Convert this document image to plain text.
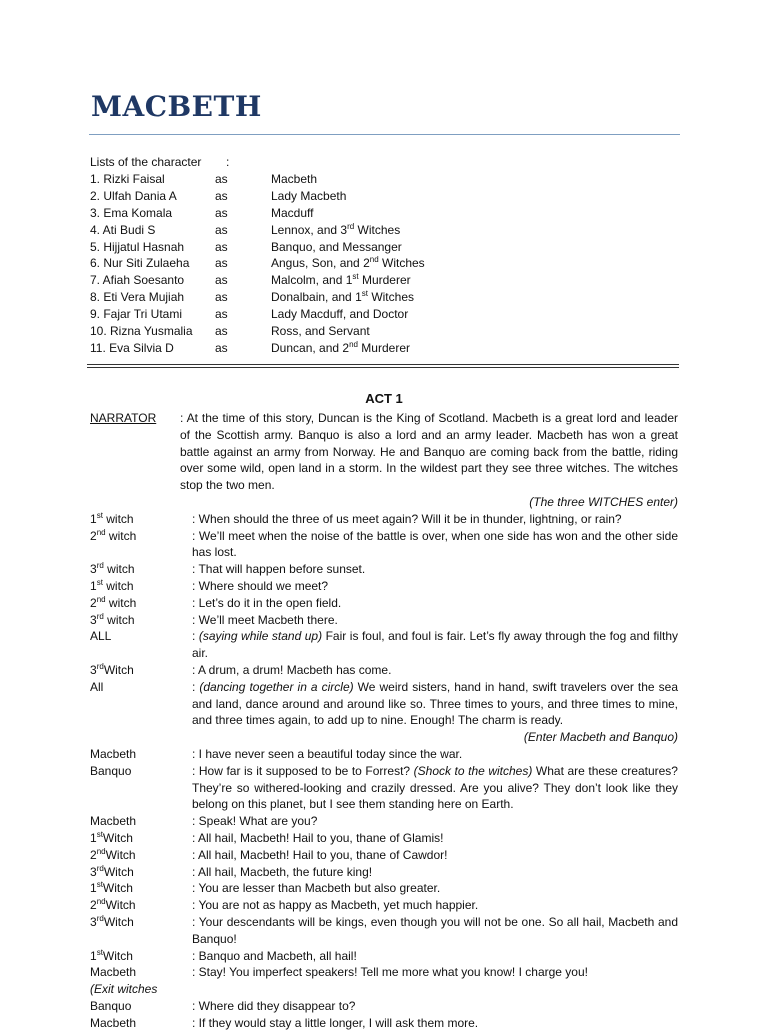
MACBETH
Lists of the character :
1. Rizki Faisal	as	Macbeth
2. Ulfah Dania A	as	Lady Macbeth
3. Ema Komala	as	Macduff
4. Ati Budi S	as	Lennox, and 3rd Witches
5. Hijjatul Hasnah	as	Banquo, and Messanger
6. Nur Siti Zulaeha as	Angus, Son, and 2nd Witches
7. Afiah Soesanto	as	Malcolm, and 1st Murderer
8. Eti Vera Mujiah	as	Donalbain, and 1st Witches
9. Fajar Tri Utami	as	Lady Macduff, and Doctor
10. Rizna Yusmalia as	Ross, and Servant
11. Eva Silvia D	as	Duncan, and 2nd Murderer
ACT 1
NARRATOR : At the time of this story, Duncan is the King of Scotland. Macbeth is a great lord and leader of the Scottish army. Banquo is also a lord and an army leader. Macbeth has won a great battle against an army from Norway. He and Banquo are coming back from the battle, riding over some wild, open land in a storm. In the wildest part they see three witches. The witches stop the two men.
(The three WITCHES enter)
1st witch	: When should the three of us meet again? Will it be in thunder, lightning, or rain?
2nd witch	: We’ll meet when the noise of the battle is over, when one side has won and the other side has lost.
3rd witch	: That will happen before sunset.
1st witch	: Where should we meet?
2nd witch	: Let’s do it in the open field.
3rd witch	: We’ll meet Macbeth there.
ALL	: (saying while stand up) Fair is foul, and foul is fair. Let’s fly away through the fog and filthy air.
3rdWitch	: A drum, a drum! Macbeth has come.
All	: (dancing together in a circle) We weird sisters, hand in hand, swift travelers over the sea and land, dance around and around like so. Three times to yours, and three times to mine, and three times again, to add up to nine. Enough! The charm is ready.
(Enter Macbeth and Banquo)
Macbeth	: I have never seen a beautiful today since the war.
Banquo	: How far is it supposed to be to Forrest? (Shock to the witches) What are these creatures? They’re so withered-looking and crazily dressed. Are you alive? They don’t look like they belong on this planet, but I see them standing here on Earth.
Macbeth	: Speak! What are you?
1stWitch	: All hail, Macbeth! Hail to you, thane of Glamis!
2ndWitch	: All hail, Macbeth! Hail to you, thane of Cawdor!
3rdWitch	: All hail, Macbeth, the future king!
1stWitch	: You are lesser than Macbeth but also greater.
2ndWitch	: You are not as happy as Macbeth, yet much happier.
3rdWitch	: Your descendants will be kings, even though you will not be one. So all hail, Macbeth and Banquo!
1stWitch	: Banquo and Macbeth, all hail!
Macbeth	: Stay! You imperfect speakers! Tell me more what you know! I charge you!
(Exit witches
Banquo	: Where did they disappear to?
Macbeth	: If they would stay a little longer, I will ask them more.
